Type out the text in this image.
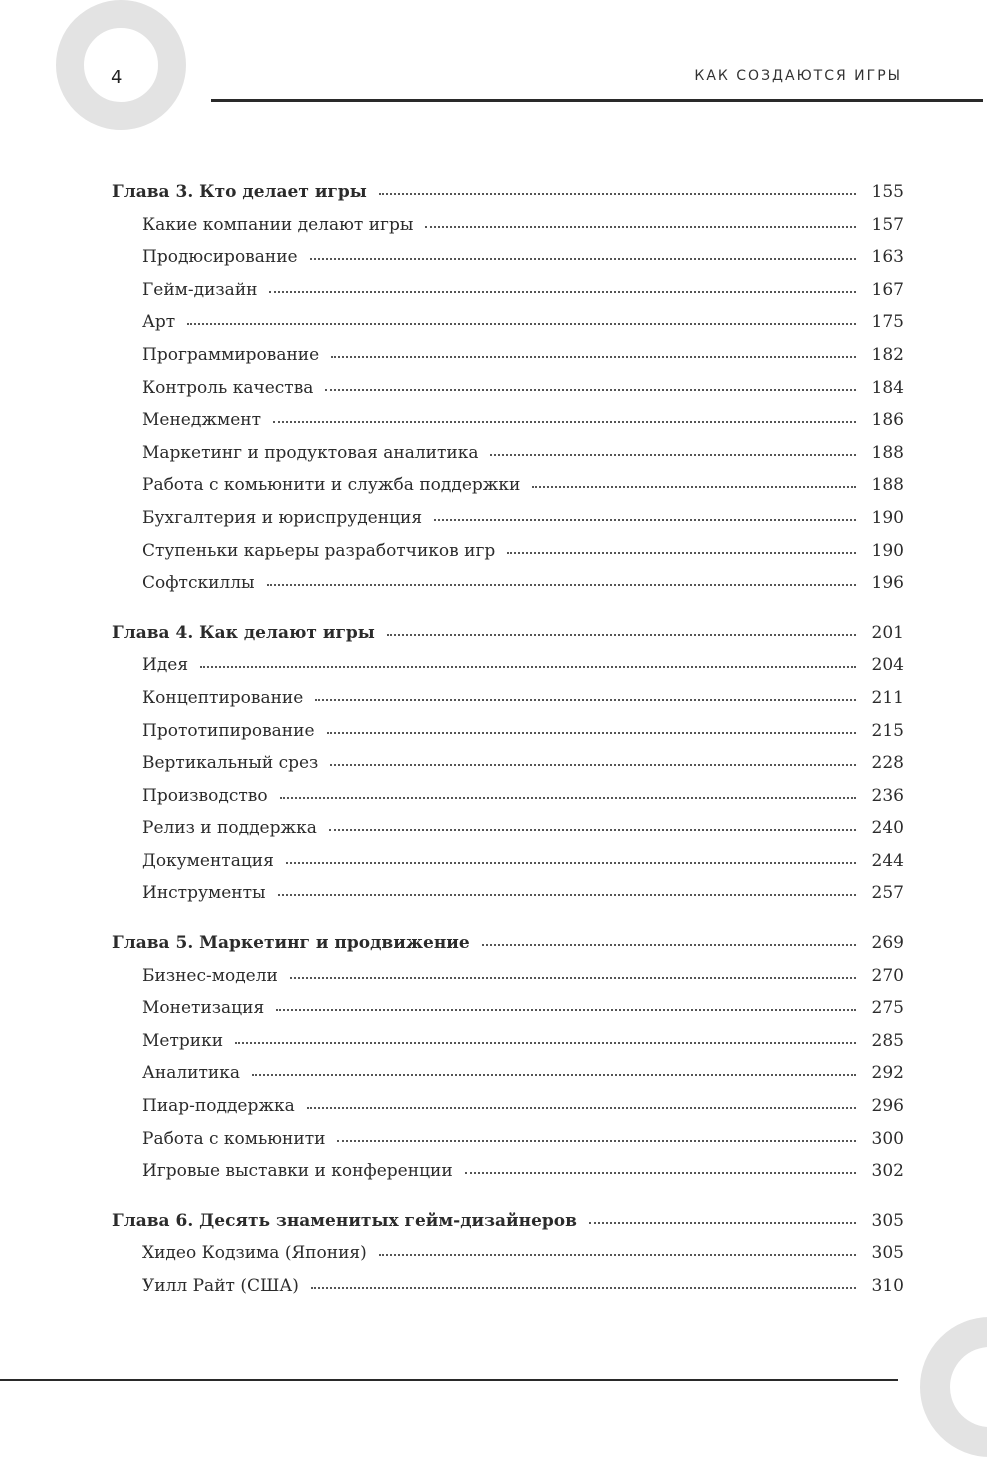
4	КАК СОЗДАЮТСЯ ИГРЫ
Глава 3. Кто делает игры	155
Какие компании делают игры	157
Продюсирование	163
Гейм-дизайн	167
Арт	175
Программирование	182
Контроль качества	184
Менеджмент	186
Маркетинг и продуктовая аналитика	188
Работа с комьюнити и служба поддержки	188
Бухгалтерия и юриспруденция	190
Ступеньки карьеры разработчиков игр	190
Софтскиллы	196
Глава 4. Как делают игры	201
Идея	204
Концептирование	211
Прототипирование	215
Вертикальный срез	228
Производство	236
Релиз и поддержка	240
Документация	244
Инструменты	257
Глава 5. Маркетинг и продвижение	269
Бизнес-модели	270
Монетизация	275
Метрики	285
Аналитика	292
Пиар-поддержка	296
Работа с комьюнити	300
Игровые выставки и конференции	302
Глава 6. Десять знаменитых гейм-дизайнеров	305
Хидео Кодзима (Япония)	305
Уилл Райт (США)	310
